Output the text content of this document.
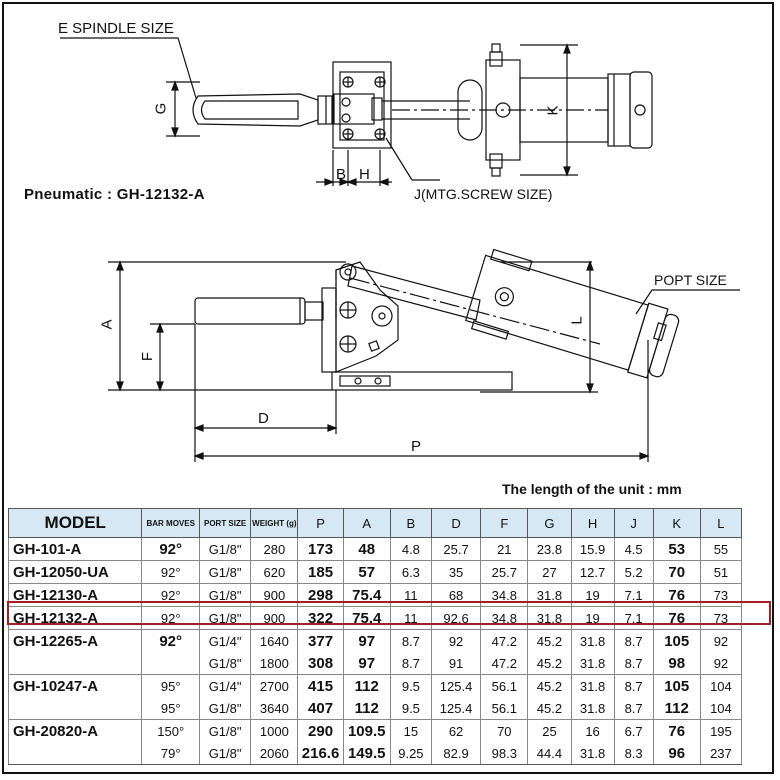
E SPINDLE SIZE
J(MTG.SCREW SIZE)
POPT SIZE
Pneumatic : GH-12132-A
The length of the unit : mm
G
B H
K
A
F
D
P
L
MODEL	BAR MOVES	PORT SIZE	WEIGHT (g)	P	A	B	D	F	G	H	J	K	L
GH-101-A	92°	G1/8"	280	173	48	4.8	25.7	21	23.8	15.9	4.5	53	55
GH-12050-UA	92°	G1/8"	620	185	57	6.3	35	25.7	27	12.7	5.2	70	51
GH-12130-A	92°	G1/8"	900	298	75.4	11	68	34.8	31.8	19	7.1	76	73
GH-12132-A	92°	G1/8"	900	322	75.4	11	92.6	34.8	31.8	19	7.1	76	73
GH-12265-A	92°	G1/4"	1640	377	97	8.7	92	47.2	45.2	31.8	8.7	105	92
		G1/8"	1800	308	97	8.7	91	47.2	45.2	31.8	8.7	98	92
GH-10247-A	95°	G1/4"	2700	415	112	9.5	125.4	56.1	45.2	31.8	8.7	105	104
	95°	G1/8"	3640	407	112	9.5	125.4	56.1	45.2	31.8	8.7	112	104
GH-20820-A	150°	G1/8"	1000	290	109.5	15	62	70	25	16	6.7	76	195
	79°	G1/8"	2060	216.6	149.5	9.25	82.9	98.3	44.4	31.8	8.3	96	237
